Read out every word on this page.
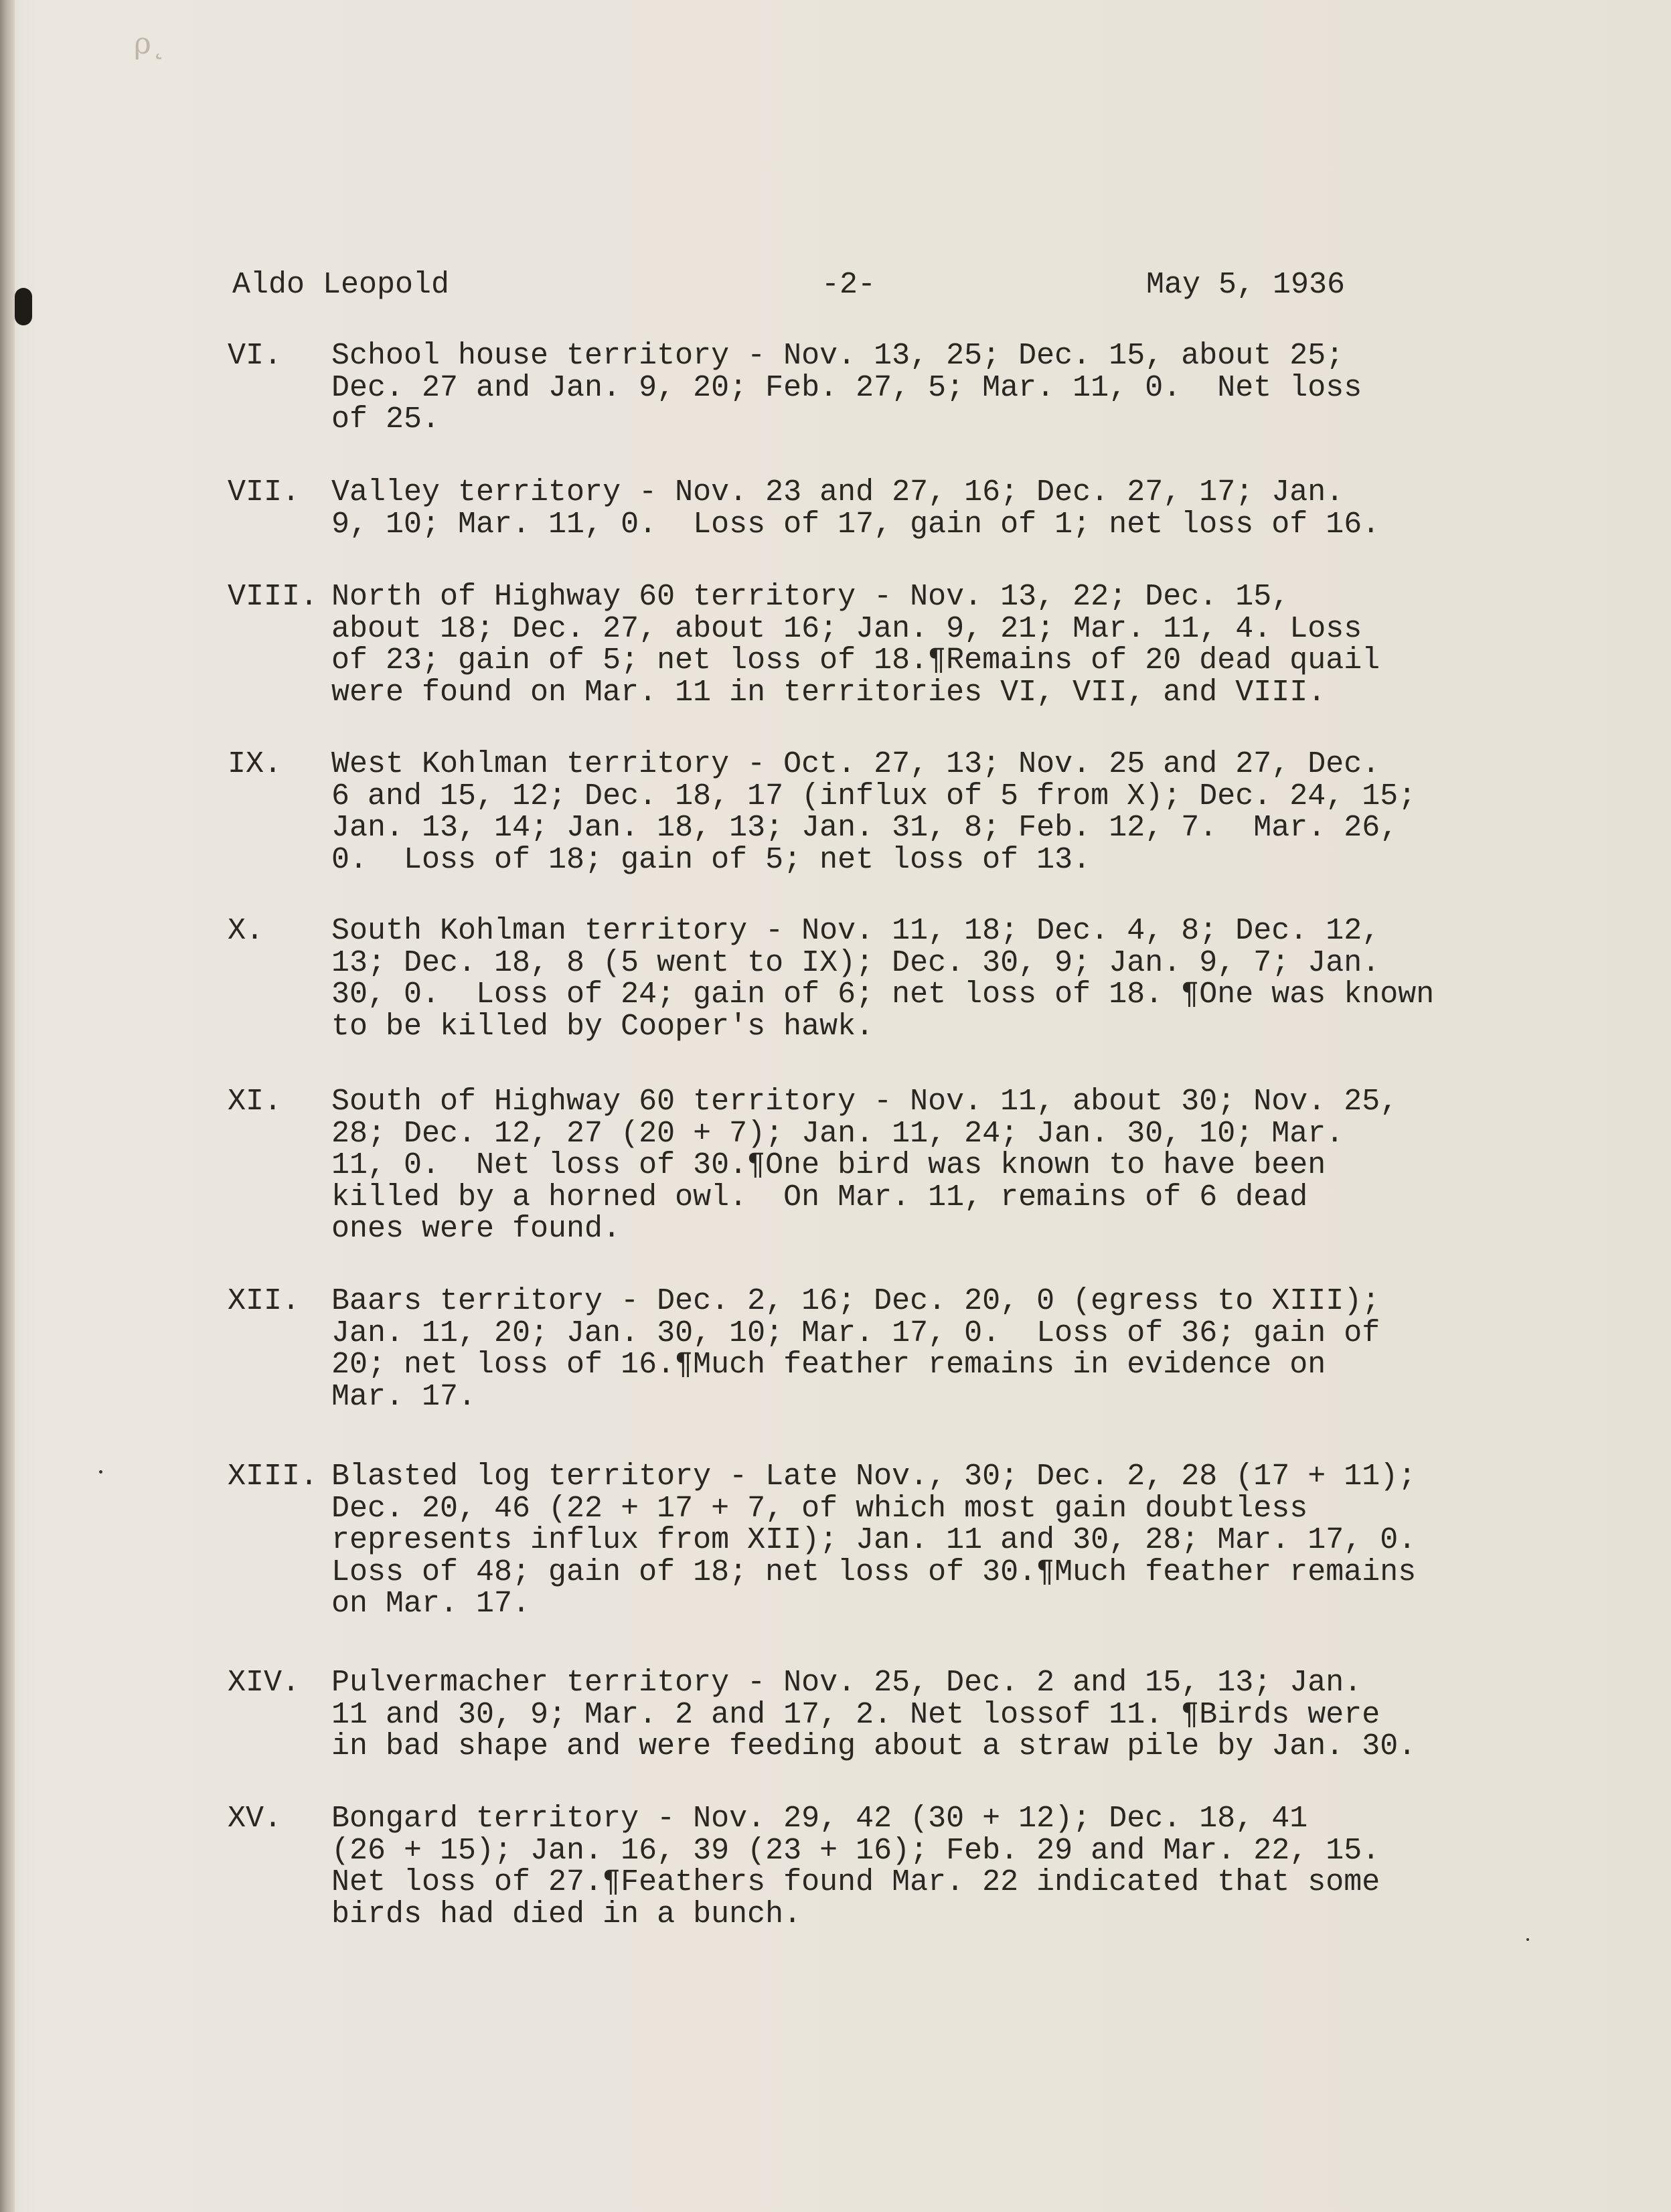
ρ˛
Aldo Leopold	-2-	May 5, 1936
VI. School house territory - Nov. 13, 25; Dec. 15, about 25;
Dec. 27 and Jan. 9, 20; Feb. 27, 5; Mar. 11, 0.  Net loss
of 25.
VII. Valley territory - Nov. 23 and 27, 16; Dec. 27, 17; Jan.
9, 10; Mar. 11, 0.  Loss of 17, gain of 1; net loss of 16.
VIII. North of Highway 60 territory - Nov. 13, 22; Dec. 15,
about 18; Dec. 27, about 16; Jan. 9, 21; Mar. 11, 4. Loss
of 23; gain of 5; net loss of 18.¶Remains of 20 dead quail
were found on Mar. 11 in territories VI, VII, and VIII.
IX. West Kohlman territory - Oct. 27, 13; Nov. 25 and 27, Dec.
6 and 15, 12; Dec. 18, 17 (influx of 5 from X); Dec. 24, 15;
Jan. 13, 14; Jan. 18, 13; Jan. 31, 8; Feb. 12, 7.  Mar. 26,
0.  Loss of 18; gain of 5; net loss of 13.
X. South Kohlman territory - Nov. 11, 18; Dec. 4, 8; Dec. 12,
13; Dec. 18, 8 (5 went to IX); Dec. 30, 9; Jan. 9, 7; Jan.
30, 0.  Loss of 24; gain of 6; net loss of 18. ¶One was known
to be killed by Cooper's hawk.
XI. South of Highway 60 territory - Nov. 11, about 30; Nov. 25,
28; Dec. 12, 27 (20 + 7); Jan. 11, 24; Jan. 30, 10; Mar.
11, 0.  Net loss of 30.¶One bird was known to have been
killed by a horned owl.  On Mar. 11, remains of 6 dead
ones were found.
XII. Baars territory - Dec. 2, 16; Dec. 20, 0 (egress to XIII);
Jan. 11, 20; Jan. 30, 10; Mar. 17, 0.  Loss of 36; gain of
20; net loss of 16.¶Much feather remains in evidence on
Mar. 17.
XIII. Blasted log territory - Late Nov., 30; Dec. 2, 28 (17 + 11);
Dec. 20, 46 (22 + 17 + 7, of which most gain doubtless
represents influx from XII); Jan. 11 and 30, 28; Mar. 17, 0.
Loss of 48; gain of 18; net loss of 30.¶Much feather remains
on Mar. 17.
XIV. Pulvermacher territory - Nov. 25, Dec. 2 and 15, 13; Jan.
11 and 30, 9; Mar. 2 and 17, 2. Net lossof 11. ¶Birds were
in bad shape and were feeding about a straw pile by Jan. 30.
XV. Bongard territory - Nov. 29, 42 (30 + 12); Dec. 18, 41
(26 + 15); Jan. 16, 39 (23 + 16); Feb. 29 and Mar. 22, 15.
Net loss of 27.¶Feathers found Mar. 22 indicated that some
birds had died in a bunch.
